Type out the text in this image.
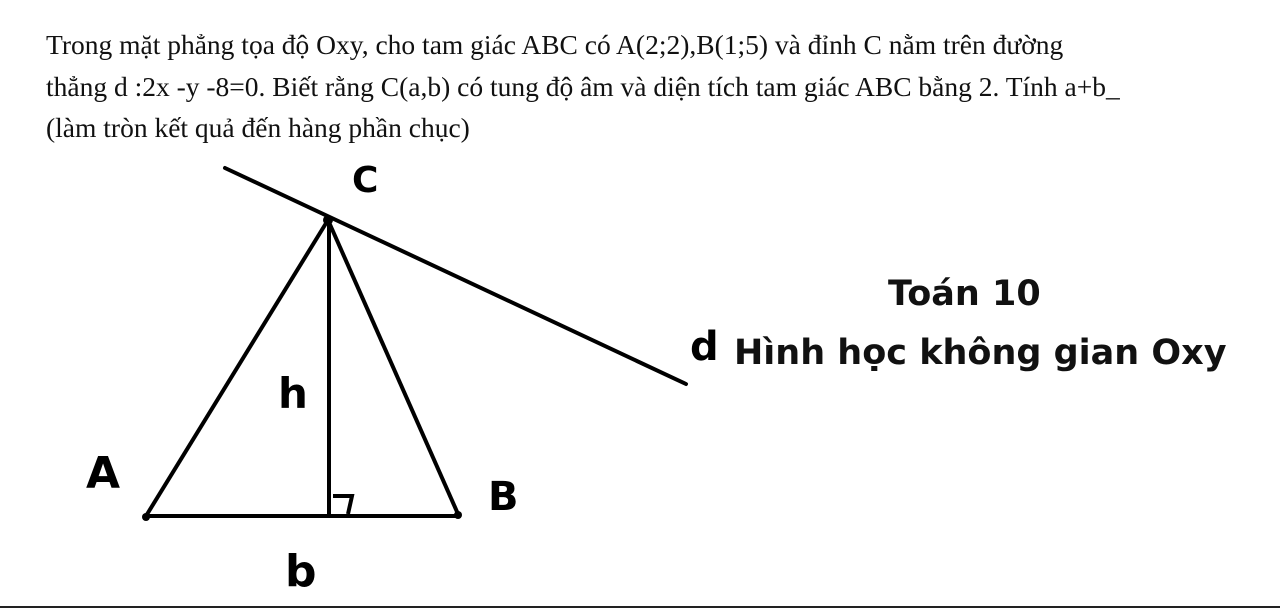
Trong mặt phẳng tọa độ Oxy, cho tam giác ABC có A(2;2),B(1;5) và đỉnh C nằm trên đường
thẳng d :2x -y -8=0. Biết rằng C(a,b) có tung độ âm và diện tích tam giác ABC bằng 2. Tính a+b_
(làm tròn kết quả đến hàng phần chục)
C
A	B
h
b
d
Toán 10
Hình học không gian Oxy
